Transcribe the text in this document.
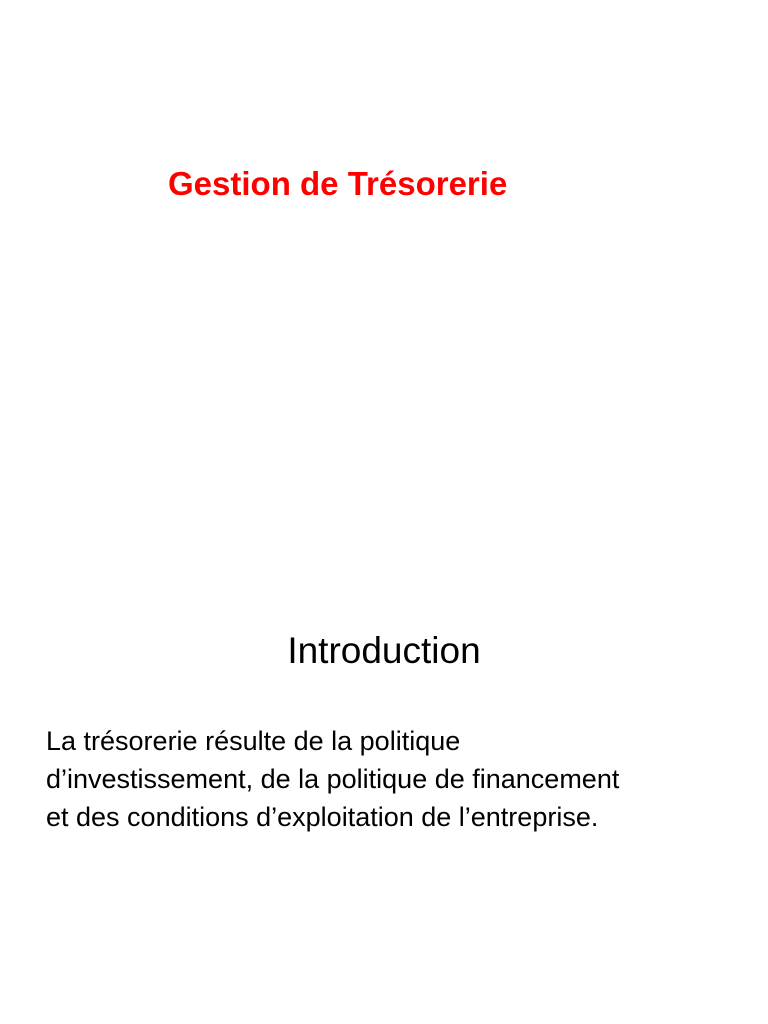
Gestion de Trésorerie
Introduction

La trésorerie résulte de la politique
d’investissement, de la politique de financement
et des conditions d’exploitation de l’entreprise.
